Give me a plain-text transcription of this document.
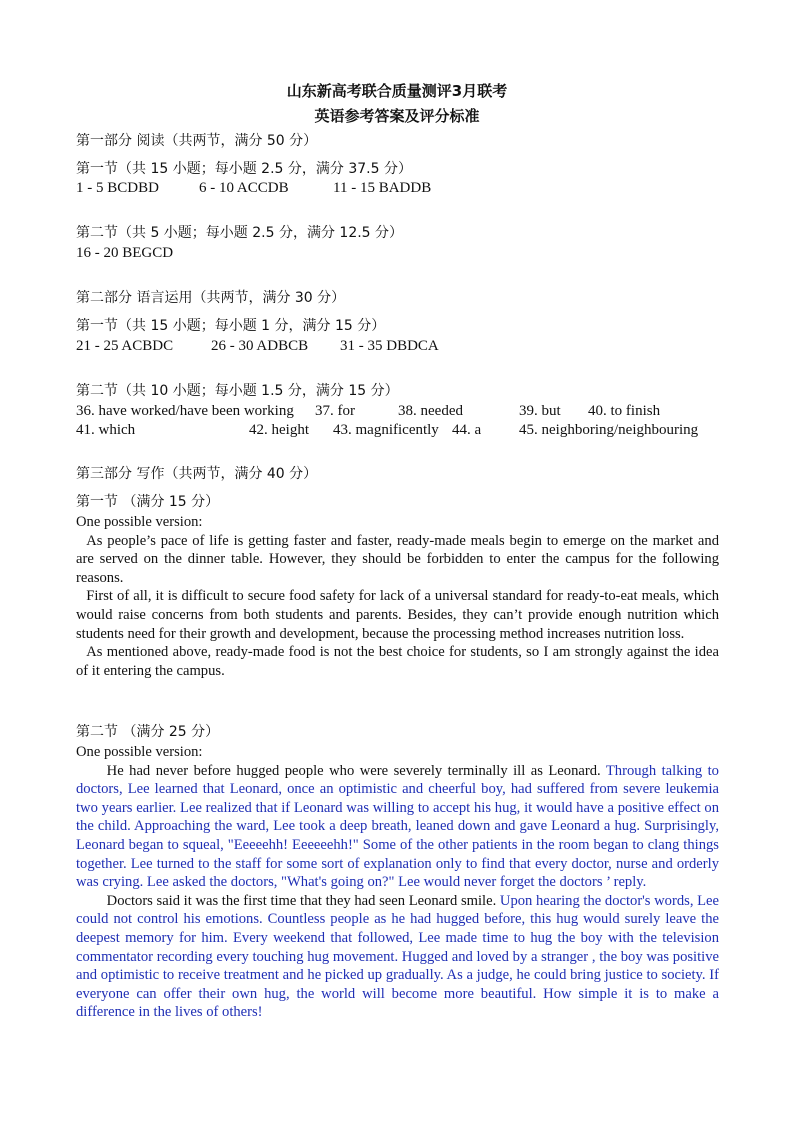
山东新高考联合质量测评3月联考
英语参考答案及评分标准
第一部分 阅读（共两节，满分 50 分）
第一节（共 15 小题；每小题 2.5 分，满分 37.5 分）
1 - 5 BCDBD	6 - 10 ACCDB	11 - 15 BADDB
第二节（共 5 小题；每小题 2.5 分，满分 12.5 分）
16 - 20 BEGCD
第二部分 语言运用（共两节，满分 30 分）
第一节（共 15 小题；每小题 1 分，满分 15 分）
21 - 25 ACBDC	26 - 30 ADBCB 31 - 35 DBDCA
第二节（共 10 小题；每小题 1.5 分，满分 15 分）
36. have worked/have been working 37. for	38. needed	39. but 40. to finish
41. which	42. height 43. magnificently 44. a	45. neighboring/neighbouring
第三部分 写作（共两节，满分 40 分）
第一节 （满分 15 分）
One possible version:

As people’s pace of life is getting faster and faster, ready-made meals begin to emerge on the market and are served on the dinner table. However, they should be forbidden to enter the campus for the following reasons.

First of all, it is difficult to secure food safety for lack of a universal standard for ready-to-eat meals, which would raise concerns from both students and parents. Besides, they can’t provide enough nutrition which students need for their growth and development, because the processing method increases nutrition loss.

As mentioned above, ready-made food is not the best choice for students, so I am strongly against the idea of it entering the campus.

第二节 （满分 25 分）
One possible version:

He had never before hugged people who were severely terminally ill as Leonard. Through talking to doctors, Lee learned that Leonard, once an optimistic and cheerful boy, had suffered from severe leukemia two years earlier. Lee realized that if Leonard was willing to accept his hug, it would have a positive effect on the child. Approaching the ward, Lee took a deep breath, leaned down and gave Leonard a hug. Surprisingly, Leonard began to squeal, "Eeeeehh! Eeeeeehh!" Some of the other patients in the room began to clang things together. Lee turned to the staff for some sort of explanation only to find that every doctor, nurse and orderly was crying. Lee asked the doctors, "What's going on?" Lee would never forget the doctors ’ reply.

Doctors said it was the first time that they had seen Leonard smile. Upon hearing the doctor's words, Lee could not control his emotions. Countless people as he had hugged before, this hug would surely leave the deepest memory for him. Every weekend that followed, Lee made time to hug the boy with the television commentator recording every touching hug movement. Hugged and loved by a stranger , the boy was positive and optimistic to receive treatment and he picked up gradually. As a judge, he could bring justice to society. If everyone can offer their own hug, the world will become more beautiful. How simple it is to make a difference in the lives of others!
